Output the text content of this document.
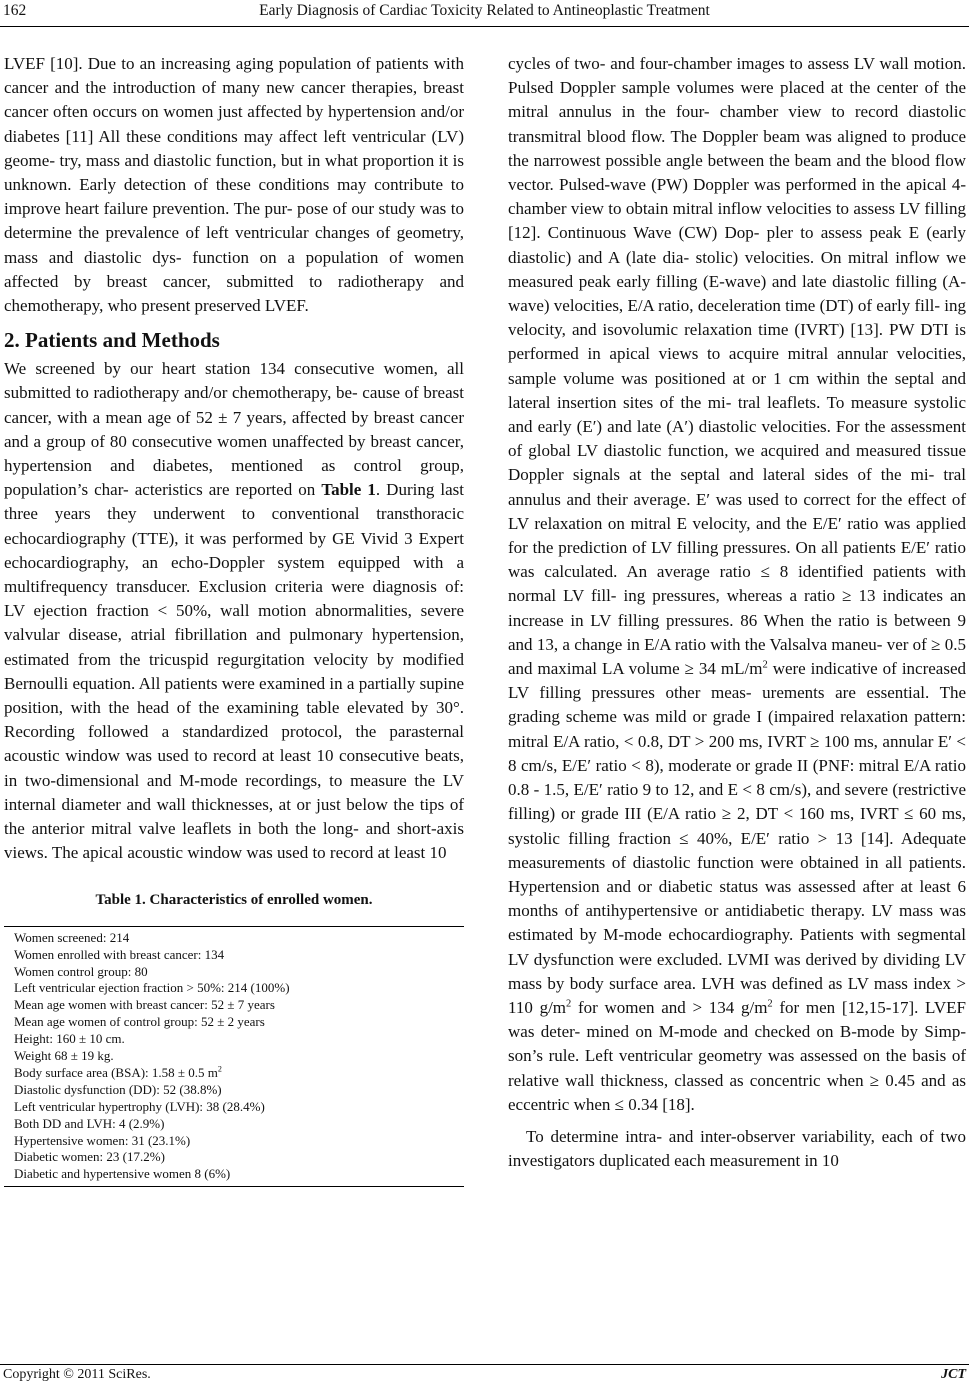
162	Early Diagnosis of Cardiac Toxicity Related to Antineoplastic Treatment

LVEF [10]. Due to an increasing aging population of patients with cancer and the introduction of many new cancer therapies, breast cancer often occurs on women just affected by hypertension and/or diabetes [11] All these conditions may affect left ventricular (LV) geome- try, mass and diastolic function, but in what proportion it is unknown. Early detection of these conditions may contribute to improve heart failure prevention. The pur- pose of our study was to determine the prevalence of left ventricular changes of geometry, mass and diastolic dys- function on a population of women affected by breast cancer, submitted to radiotherapy and chemotherapy, who present preserved LVEF.

2. Patients and Methods

We screened by our heart station 134 consecutive women, all submitted to radiotherapy and/or chemotherapy, be- cause of breast cancer, with a mean age of 52 ± 7 years, affected by breast cancer and a group of 80 consecutive women unaffected by breast cancer, hypertension and diabetes, mentioned as control group, population’s char- acteristics are reported on Table 1. During last three years they underwent to conventional transthoracic echocardiography (TTE), it was performed by GE Vivid 3 Expert echocardiography, an echo-Doppler system equipped with a multifrequency transducer. Exclusion criteria were diagnosis of: LV ejection fraction < 50%, wall motion abnormalities, severe valvular disease, atrial fibrillation and pulmonary hypertension, estimated from the tricuspid regurgitation velocity by modified Bernoulli equation. All patients were examined in a partially supine position, with the head of the examining table elevated by 30°. Recording followed a standardized protocol, the parasternal acoustic window was used to record at least 10 consecutive beats, in two-dimensional and M-mode recordings, to measure the LV internal diameter and wall thicknesses, at or just below the tips of the anterior mitral valve leaflets in both the long- and short-axis views. The apical acoustic window was used to record at least 10

Table 1. Characteristics of enrolled women.
Women screened: 214
Women enrolled with breast cancer: 134
Women control group: 80
Left ventricular ejection fraction > 50%: 214 (100%)
Mean age women with breast cancer: 52 ± 7 years
Mean age women of control group: 52 ± 2 years
Height: 160 ± 10 cm.
Weight 68 ± 19 kg.
Body surface area (BSA): 1.58 ± 0.5 $m^2$
Diastolic dysfunction (DD): 52 (38.8%)
Left ventricular hypertrophy (LVH): 38 (28.4%)
Both DD and LVH: 4 (2.9%)
Hypertensive women: 31 (23.1%)
Diabetic women: 23 (17.2%)
Diabetic and hypertensive women 8 (6%)

cycles of two- and four-chamber images to assess LV wall motion. Pulsed Doppler sample volumes were placed at the center of the mitral annulus in the four- chamber view to record diastolic transmitral blood flow. The Doppler beam was aligned to produce the narrowest possible angle between the beam and the blood flow vector. Pulsed-wave (PW) Doppler was performed in the apical 4-chamber view to obtain mitral inflow velocities to assess LV filling [12]. Continuous Wave (CW) Dop- pler to assess peak E (early diastolic) and A (late dia- stolic) velocities. On mitral inflow we measured peak early filling (E-wave) and late diastolic filling (A-wave) velocities, E/A ratio, deceleration time (DT) of early fill- ing velocity, and isovolumic relaxation time (IVRT) [13]. PW DTI is performed in apical views to acquire mitral annular velocities, sample volume was positioned at or 1 cm within the septal and lateral insertion sites of the mi- tral leaflets. To measure systolic and early (E′) and late (A′) diastolic velocities. For the assessment of global LV diastolic function, we acquired and measured tissue Doppler signals at the septal and lateral sides of the mi- tral annulus and their average. E′ was used to correct for the effect of LV relaxation on mitral E velocity, and the E/E′ ratio was applied for the prediction of LV filling pressures. On all patients E/E′ ratio was calculated. An average ratio ≤ 8 identified patients with normal LV fill- ing pressures, whereas a ratio ≥ 13 indicates an increase in LV filling pressures. 86 When the ratio is between 9 and 13, a change in E/A ratio with the Valsalva maneu- ver of ≥ 0.5 and maximal LA volume ≥ 34 $mL/m^2$ were indicative of increased LV filling pressures other meas- urements are essential. The grading scheme was mild or grade I (impaired relaxation pattern: mitral E/A ratio, < 0.8, DT > 200 ms, IVRT ≥ 100 ms, annular E′ < 8 cm/s, E/E′ ratio < 8), moderate or grade II (PNF: mitral E/A ratio 0.8 - 1.5, E/E′ ratio 9 to 12, and E < 8 cm/s), and severe (restrictive filling) or grade III (E/A ratio ≥ 2, DT < 160 ms, IVRT ≤ 60 ms, systolic filling fraction ≤ 40%, E/E′ ratio > 13 [14]. Adequate measurements of diastolic function were obtained in all patients. Hypertension and or diabetic status was assessed after at least 6 months of antihypertensive or antidiabetic therapy. LV mass was estimated by M-mode echocardiography. Patients with segmental LV dysfunction were excluded. LVMI was derived by dividing LV mass by body surface area. LVH was defined as LV mass index > 110 $g/m^2$ for women and > 134 $g/m^2$ for men [12,15-17]. LVEF was deter- mined on M-mode and checked on B-mode by Simp- son’s rule. Left ventricular geometry was assessed on the basis of relative wall thickness, classed as concentric when ≥ 0.45 and as eccentric when ≤ 0.34 [18].

To determine intra- and inter-observer variability, each of two investigators duplicated each measurement in 10

Copyright © 2011 SciRes.	JCT
